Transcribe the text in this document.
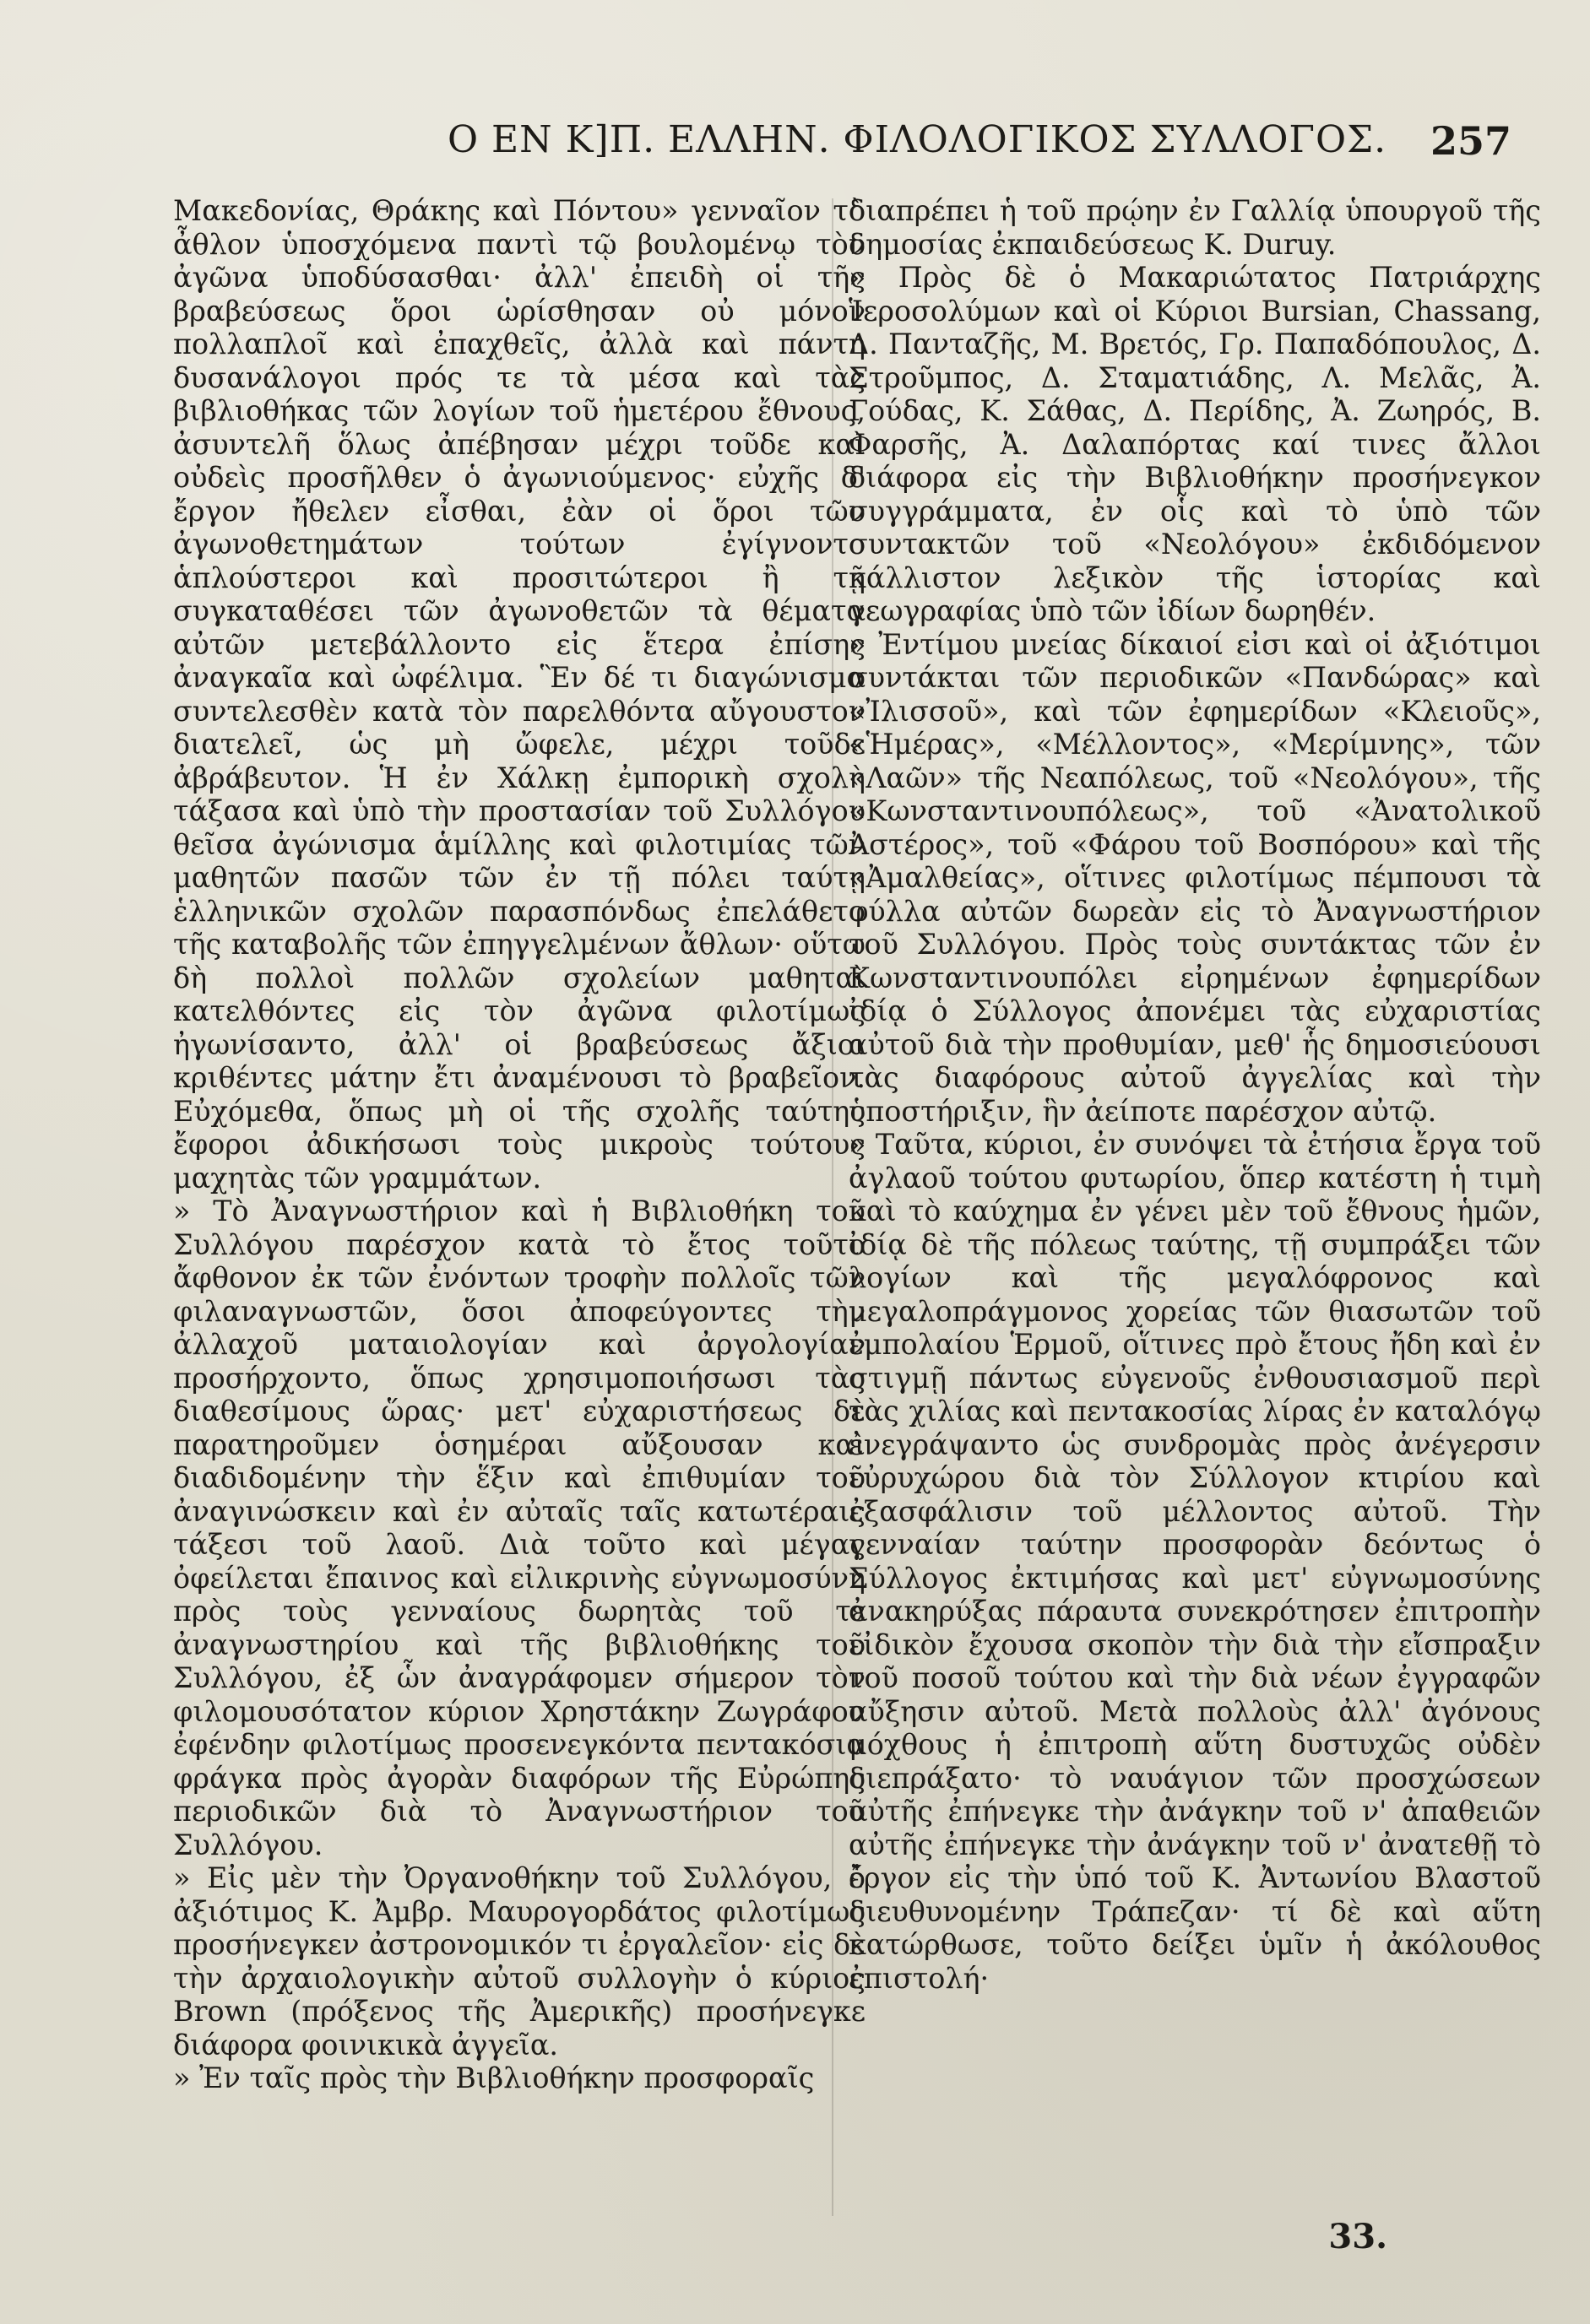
Ο ΕΝ Κ]Π. ΕΛΛΗΝ. ΦΙΛΟΛΟΓΙΚΟΣ ΣΥΛΛΟΓΟΣ. 257

Μακεδονίας, Θράκης καὶ Πόντου» γενναῖον τὸ ἆθλον ὑποσχόμενα παντὶ τῷ βουλομένῳ τὸν ἀγῶνα ὑποδύσασθαι· ἀλλ' ἐπειδὴ οἱ τῆς βραβεύσεως ὅροι ὡρίσθησαν οὐ μόνον πολλαπλοῖ καὶ ἐπαχθεῖς, ἀλλὰ καὶ πάντη δυσανάλογοι πρός τε τὰ μέσα καὶ τὰς βιβλιοθήκας τῶν λογίων τοῦ ἡμετέρου ἔθνους, ἀσυντελῆ ὅλως ἀπέβησαν μέχρι τοῦδε καὶ οὐδεὶς προσῆλθεν ὁ ἀγωνιούμενος· εὐχῆς δ' ἔργον ἤθελεν εἶσθαι, ἐὰν οἱ ὅροι τῶν ἀγωνοθετημάτων τούτων ἐγίγνοντο ἁπλούστεροι καὶ προσιτώτεροι ἢ τῇ συγκαταθέσει τῶν ἀγωνοθετῶν τὰ θέματα αὐτῶν μετεβάλλοντο εἰς ἕτερα ἐπίσης ἀναγκαῖα καὶ ὠφέλιμα. Ἓν δέ τι διαγώνισμα συντελεσθὲν κατὰ τὸν παρελθόντα αὔγουστον διατελεῖ, ὡς μὴ ὤφελε, μέχρι τοῦδε ἀβράβευτον. Ἡ ἐν Χάλκῃ ἐμπορικὴ σχολὴ τάξασα καὶ ὑπὸ τὴν προστασίαν τοῦ Συλλόγου θεῖσα ἀγώνισμα ἁμίλλης καὶ φιλοτιμίας τῶν μαθητῶν πασῶν τῶν ἐν τῇ πόλει ταύτῃ ἑλληνικῶν σχολῶν παρασπόνδως ἐπελάθετο τῆς καταβολῆς τῶν ἐπηγγελμένων ἄθλων· οὕτω δὴ πολλοὶ πολλῶν σχολείων μαθηταὶ κατελθόντες εἰς τὸν ἀγῶνα φιλοτίμως ἠγωνίσαντο, ἀλλ' οἱ βραβεύσεως ἄξιοι κριθέντες μάτην ἔτι ἀναμένουσι τὸ βραβεῖον. Εὐχόμεθα, ὅπως μὴ οἱ τῆς σχολῆς ταύτης ἔφοροι ἀδικήσωσι τοὺς μικροὺς τούτους μαχητὰς τῶν γραμμάτων.
» Τὸ Ἀναγνωστήριον καὶ ἡ Βιβλιοθήκη τοῦ Συλλόγου παρέσχον κατὰ τὸ ἔτος τοῦτο ἄφθονον ἐκ τῶν ἐνόντων τροφὴν πολλοῖς τῶν φιλαναγνωστῶν, ὅσοι ἀποφεύγοντες τὴν ἀλλαχοῦ ματαιολογίαν καὶ ἀργολογίαν προσήρχοντο, ὅπως χρησιμοποιήσωσι τὰς διαθεσίμους ὥρας· μετ' εὐχαριστήσεως δὲ παρατηροῦμεν ὁσημέραι αὔξουσαν καὶ διαδιδομένην τὴν ἕξιν καὶ ἐπιθυμίαν τοῦ ἀναγινώσκειν καὶ ἐν αὐταῖς ταῖς κατωτέραις τάξεσι τοῦ λαοῦ. Διὰ τοῦτο καὶ μέγας ὀφείλεται ἔπαινος καὶ εἰλικρινὴς εὐγνωμοσύνη πρὸς τοὺς γενναίους δωρητὰς τοῦ τε ἀναγνωστηρίου καὶ τῆς βιβλιοθήκης τοῦ Συλλόγου, ἐξ ὧν ἀναγράφομεν σήμερον τὸν φιλομουσότατον κύριον Χρηστάκην Ζωγράφον ἐφένδην φιλοτίμως προσενεγκόντα πεντακόσια φράγκα πρὸς ἀγορὰν διαφόρων τῆς Εὐρώπης περιοδικῶν διὰ τὸ Ἀναγνωστήριον τοῦ Συλλόγου.
» Εἰς μὲν τὴν Ὀργανοθήκην τοῦ Συλλόγου, ὁ ἀξιότιμος Κ. Ἀμβρ. Μαυρογορδάτος φιλοτίμως προσήνεγκεν ἀστρονομικόν τι ἐργαλεῖον· εἰς δὲ τὴν ἀρχαιολογικὴν αὐτοῦ συλλογὴν ὁ κύριος Brown (πρόξενος τῆς Ἀμερικῆς) προσήνεγκε διάφορα φοινικικὰ ἀγγεῖα.
» Ἐν ταῖς πρὸς τὴν Βιβλιοθήκην προσφοραῖς

διαπρέπει ἡ τοῦ πρῴην ἐν Γαλλίᾳ ὑπουργοῦ τῆς δημοσίας ἐκπαιδεύσεως Κ. Duruy.
» Πρὸς δὲ ὁ Μακαριώτατος Πατριάρχης Ἱεροσολύμων καὶ οἱ Κύριοι Bursian, Chassang, Δ. Πανταζῆς, Μ. Βρετός, Γρ. Παπαδόπουλος, Δ. Στροῦμπος, Δ. Σταματιάδης, Λ. Μελᾶς, Ἀ. Γούδας, Κ. Σάθας, Δ. Περίδης, Ἀ. Ζωηρός, Β. Φαρσῆς, Ἀ. Δαλαπόρτας καί τινες ἄλλοι διάφορα εἰς τὴν Βιβλιοθήκην προσήνεγκον συγγράμματα, ἐν οἷς καὶ τὸ ὑπὸ τῶν συντακτῶν τοῦ «Νεολόγου» ἐκδιδόμενον κάλλιστον λεξικὸν τῆς ἱστορίας καὶ γεωγραφίας ὑπὸ τῶν ἰδίων δωρηθέν.
» Ἐντίμου μνείας δίκαιοί εἰσι καὶ οἱ ἀξιότιμοι συντάκται τῶν περιοδικῶν «Πανδώρας» καὶ «Ἰλισσοῦ», καὶ τῶν ἐφημερίδων «Κλειοῦς», «Ἡμέρας», «Μέλλοντος», «Μερίμνης», τῶν «Λαῶν» τῆς Νεαπόλεως, τοῦ «Νεολόγου», τῆς «Κωνσταντινουπόλεως», τοῦ «Ἀνατολικοῦ Ἀστέρος», τοῦ «Φάρου τοῦ Βοσπόρου» καὶ τῆς «Ἀμαλθείας», οἵτινες φιλοτίμως πέμπουσι τὰ φύλλα αὐτῶν δωρεὰν εἰς τὸ Ἀναγνωστήριον τοῦ Συλλόγου. Πρὸς τοὺς συντάκτας τῶν ἐν Κωνσταντινουπόλει εἰρημένων ἐφημερίδων ἰδίᾳ ὁ Σύλλογος ἀπονέμει τὰς εὐχαριστίας αὐτοῦ διὰ τὴν προθυμίαν, μεθ' ἧς δημοσιεύουσι τὰς διαφόρους αὐτοῦ ἀγγελίας καὶ τὴν ὑποστήριξιν, ἣν ἀείποτε παρέσχον αὐτῷ.
» Ταῦτα, κύριοι, ἐν συνόψει τὰ ἐτήσια ἔργα τοῦ ἀγλαοῦ τούτου φυτωρίου, ὅπερ κατέστη ἡ τιμὴ καὶ τὸ καύχημα ἐν γένει μὲν τοῦ ἔθνους ἡμῶν, ἰδίᾳ δὲ τῆς πόλεως ταύτης, τῇ συμπράξει τῶν λογίων καὶ τῆς μεγαλόφρονος καὶ μεγαλοπράγμονος χορείας τῶν θιασωτῶν τοῦ ἐμπολαίου Ἑρμοῦ, οἵτινες πρὸ ἔτους ἤδη καὶ ἐν στιγμῇ πάντως εὐγενοῦς ἐνθουσιασμοῦ περὶ τὰς χιλίας καὶ πεντακοσίας λίρας ἐν καταλόγῳ ἐνεγράψαντο ὡς συνδρομὰς πρὸς ἀνέγερσιν εὐρυχώρου διὰ τὸν Σύλλογον κτιρίου καὶ ἐξασφάλισιν τοῦ μέλλοντος αὐτοῦ. Τὴν γενναίαν ταύτην προσφορὰν δεόντως ὁ Σύλλογος ἐκτιμήσας καὶ μετ' εὐγνωμοσύνης ἀνακηρύξας πάραυτα συνεκρότησεν ἐπιτροπὴν εἰδικὸν ἔχουσα σκοπὸν τὴν διὰ τὴν εἴσπραξιν τοῦ ποσοῦ τούτου καὶ τὴν διὰ νέων ἐγγραφῶν αὔξησιν αὐτοῦ. Μετὰ πολλοὺς ἀλλ' ἀγόνους μόχθους ἡ ἐπιτροπὴ αὕτη δυστυχῶς οὐδὲν διεπράξατο· τὸ ναυάγιον τῶν προσχώσεων αὐτῆς ἐπήνεγκε τὴν ἀνάγκην τοῦ ν' ἀπαθειῶν αὐτῆς ἐπήνεγκε τὴν ἀνάγκην τοῦ ν' ἀνατεθῇ τὸ ἔργον εἰς τὴν ὑπό τοῦ Κ. Ἀντωνίου Βλαστοῦ διευθυνομένην Τράπεζαν· τί δὲ καὶ αὕτη κατώρθωσε, τοῦτο δείξει ὑμῖν ἡ ἀκόλουθος ἐπιστολή·

33.
